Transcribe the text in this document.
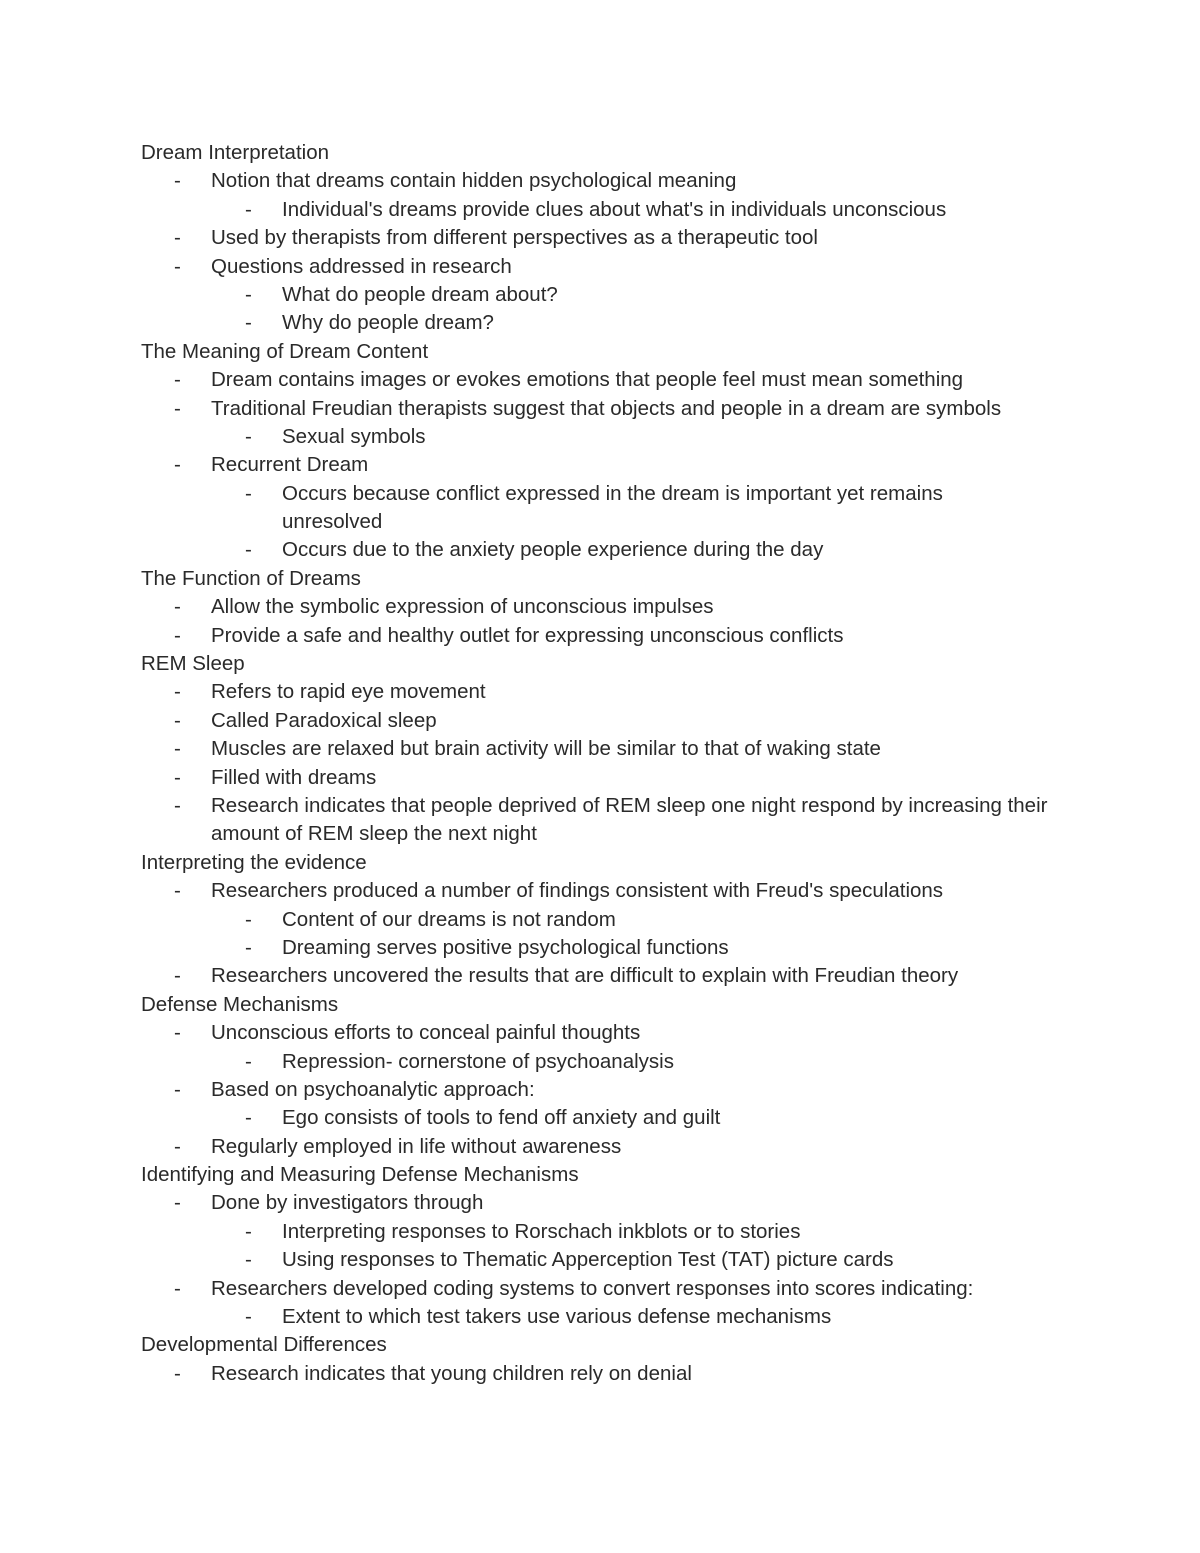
Dream Interpretation
- Notion that dreams contain hidden psychological meaning
- Individual's dreams provide clues about what's in individuals unconscious
- Used by therapists from different perspectives as a therapeutic tool
- Questions addressed in research
- What do people dream about?
- Why do people dream?
The Meaning of Dream Content
- Dream contains images or evokes emotions that people feel must mean something
- Traditional Freudian therapists suggest that objects and people in a dream are symbols
- Sexual symbols
- Recurrent Dream
- Occurs because conflict expressed in the dream is important yet remains unresolved
- Occurs due to the anxiety people experience during the day
The Function of Dreams
- Allow the symbolic expression of unconscious impulses
- Provide a safe and healthy outlet for expressing unconscious conflicts
REM Sleep
- Refers to rapid eye movement
- Called Paradoxical sleep
- Muscles are relaxed but brain activity will be similar to that of waking state
- Filled with dreams
- Research indicates that people deprived of REM sleep one night respond by increasing their amount of REM sleep the next night
Interpreting the evidence
- Researchers produced a number of findings consistent with Freud's speculations
- Content of our dreams is not random
- Dreaming serves positive psychological functions
- Researchers uncovered the results that are difficult to explain with Freudian theory
Defense Mechanisms
- Unconscious efforts to conceal painful thoughts
- Repression- cornerstone of psychoanalysis
- Based on psychoanalytic approach:
- Ego consists of tools to fend off anxiety and guilt
- Regularly employed in life without awareness
Identifying and Measuring Defense Mechanisms
- Done by investigators through
- Interpreting responses to Rorschach inkblots or to stories
- Using responses to Thematic Apperception Test (TAT) picture cards
- Researchers developed coding systems to convert responses into scores indicating:
- Extent to which test takers use various defense mechanisms
Developmental Differences
- Research indicates that young children rely on denial
